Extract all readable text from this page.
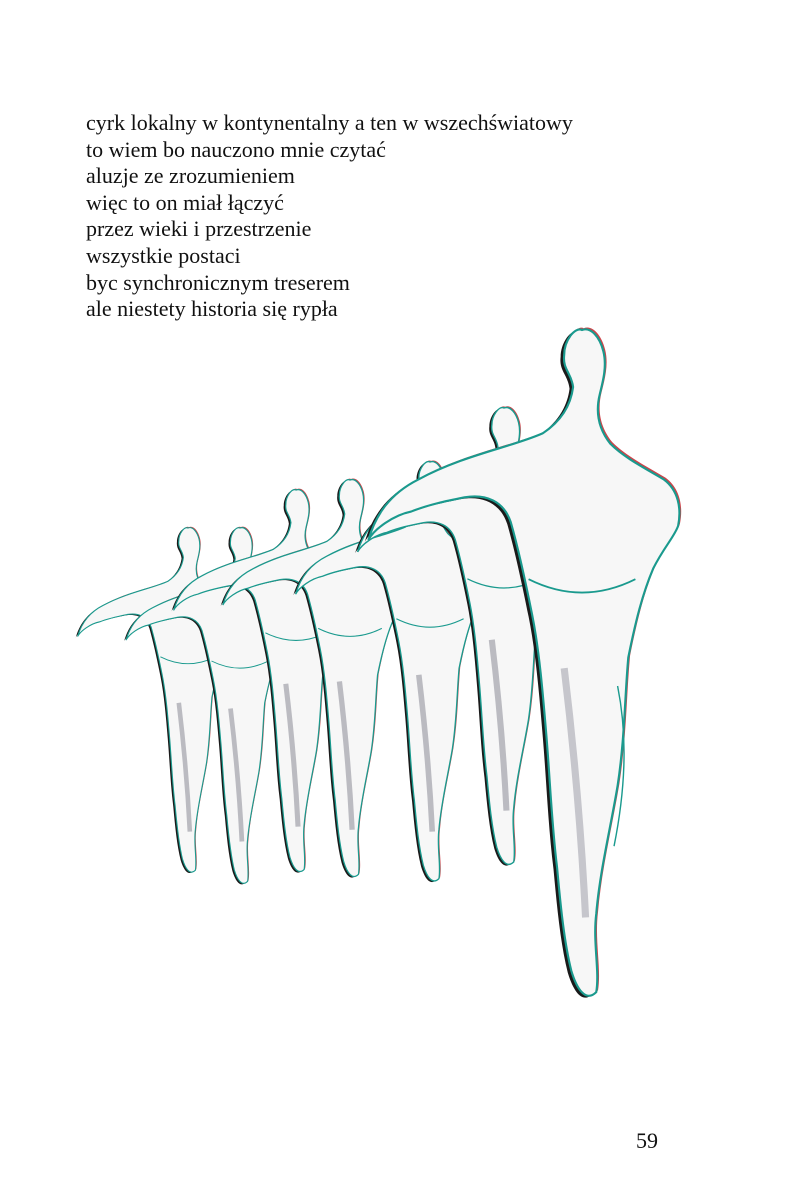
cyrk lokalny w kontynentalny a ten w wszechświatowy
to wiem bo nauczono mnie czytać
aluzje ze zrozumieniem
więc to on miał łączyć
przez wieki i przestrzenie
wszystkie postaci
byc synchronicznym treserem
ale niestety historia się rypła
59
